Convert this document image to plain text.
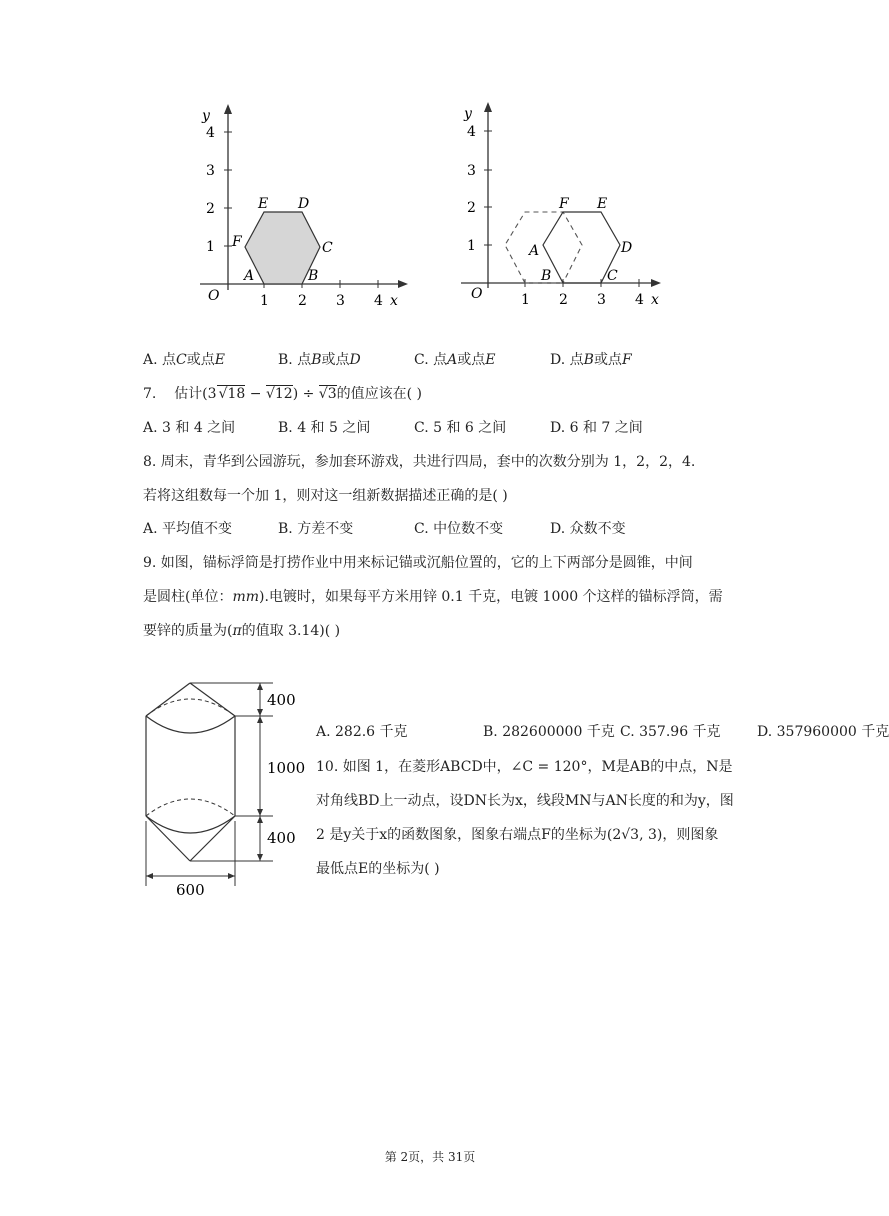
y
x
O
1
2
3
4
1 2 3 4
A	B
C
D
E
F
y
x
O
1
2
3
4
1 2 3 4
A
B	C
D
E
F
A. 点C或点E	B. 点B或点D	C. 点A或点E	D. 点B或点F
7. 估计(3 √18 − √12) ÷ √3的值应该在( )
A. 3 和 4 之间	B. 4 和 5 之间	C. 5 和 6 之间	D. 6 和 7 之间
8. 周末，青华到公园游玩，参加套环游戏，共进行四局，套中的次数分别为 1，2，2，4.
若将这组数每一个加 1，则对这一组新数据描述正确的是( )
A. 平均值不变	B. 方差不变	C. 中位数不变	D. 众数不变
9. 如图，锚标浮筒是打捞作业中用来标记锚或沉船位置的，它的上下两部分是圆锥，中间
是圆柱(单位：mm).电镀时，如果每平方米用锌 0.1 千克，电镀 1000 个这样的锚标浮筒，需
要锌的质量为(π的值取 3.14)( )
400
1000
400
600
A. 282.6 千克	B. 282600000 千克 C. 357.96 千克	D. 357960000 千克
10. 如图 1，在菱形ABCD中，∠C = 120°，M是AB的中点，N是
对角线BD上一动点，设DN长为x，线段MN与AN长度的和为y，图
2 是y关于x的函数图象，图象右端点F的坐标为(2√3, 3)，则图象
最低点E的坐标为( )
第 2页，共 31页
